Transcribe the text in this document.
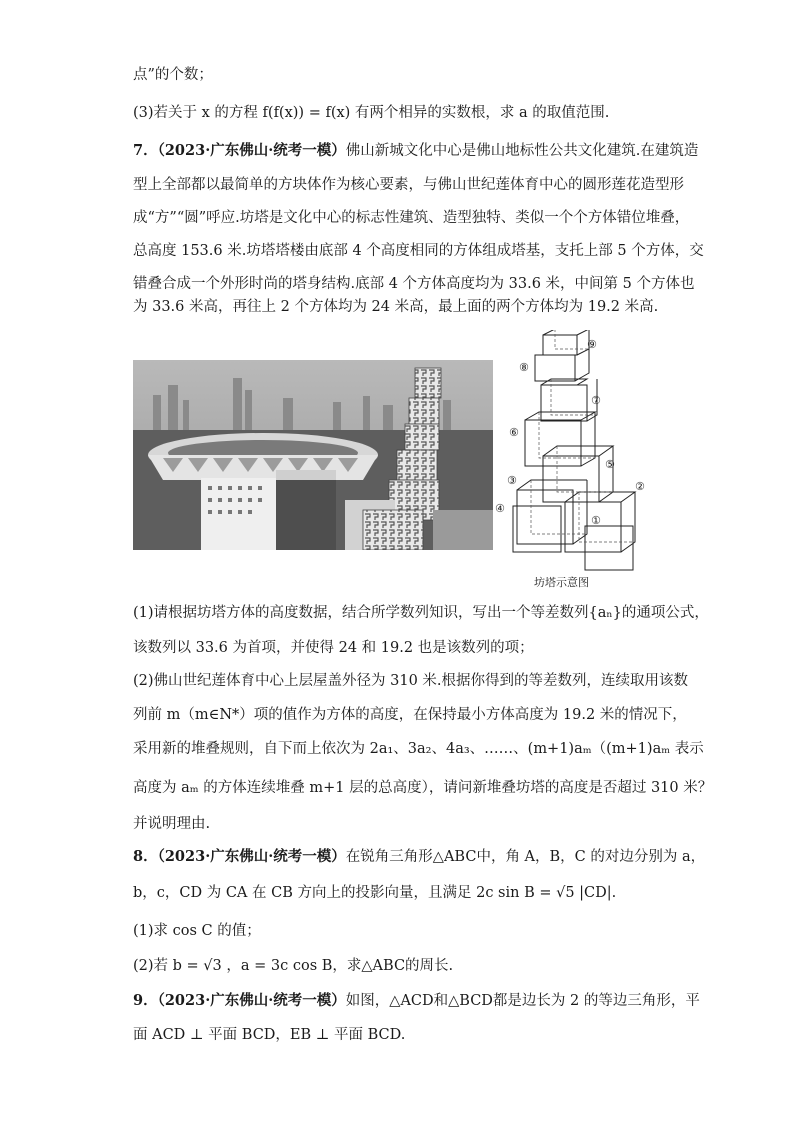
点”的个数；
(3)若关于 x 的方程 f(f(x)) = f(x) 有两个相异的实数根，求 a 的取值范围.
7．（2023·广东佛山·统考一模）佛山新城文化中心是佛山地标性公共文化建筑.在建筑造
型上全部都以最简单的方块体作为核心要素，与佛山世纪莲体育中心的圆形莲花造型形
成“方”“圆”呼应.坊塔是文化中心的标志性建筑、造型独特、类似一个个方体错位堆叠，
总高度 153.6 米.坊塔塔楼由底部 4 个高度相同的方体组成塔基，支托上部 5 个方体，交
错叠合成一个外形时尚的塔身结构.底部 4 个方体高度均为 33.6 米，中间第 5 个方体也
为 33.6 米高，再往上 2 个方体均为 24 米高，最上面的两个方体均为 19.2 米高.
①
②
③
④
⑤
⑥
⑦
⑧
⑨
坊塔示意图
(1)请根据坊塔方体的高度数据，结合所学数列知识，写出一个等差数列{aₙ}的通项公式，
该数列以 33.6 为首项，并使得 24 和 19.2 也是该数列的项；
(2)佛山世纪莲体育中心上层屋盖外径为 310 米.根据你得到的等差数列，连续取用该数
列前 m（m∈N*）项的值作为方体的高度，在保持最小方体高度为 19.2 米的情况下，
采用新的堆叠规则，自下而上依次为 2a₁、3a₂、4a₃、……、(m+1)aₘ（(m+1)aₘ 表示
高度为 aₘ 的方体连续堆叠 m+1 层的总高度），请问新堆叠坊塔的高度是否超过 310 米？
并说明理由.
8．（2023·广东佛山·统考一模）在锐角三角形△ABC中，角 A，B，C 的对边分别为 a，
b，c，CD 为 CA 在 CB 方向上的投影向量，且满足 2c sin B = √5 |CD|.
(1)求 cos C 的值；
(2)若 b = √3 ，a = 3c cos B，求△ABC的周长.
9．（2023·广东佛山·统考一模）如图，△ACD和△BCD都是边长为 2 的等边三角形，平
面 ACD ⊥ 平面 BCD，EB ⊥ 平面 BCD.
